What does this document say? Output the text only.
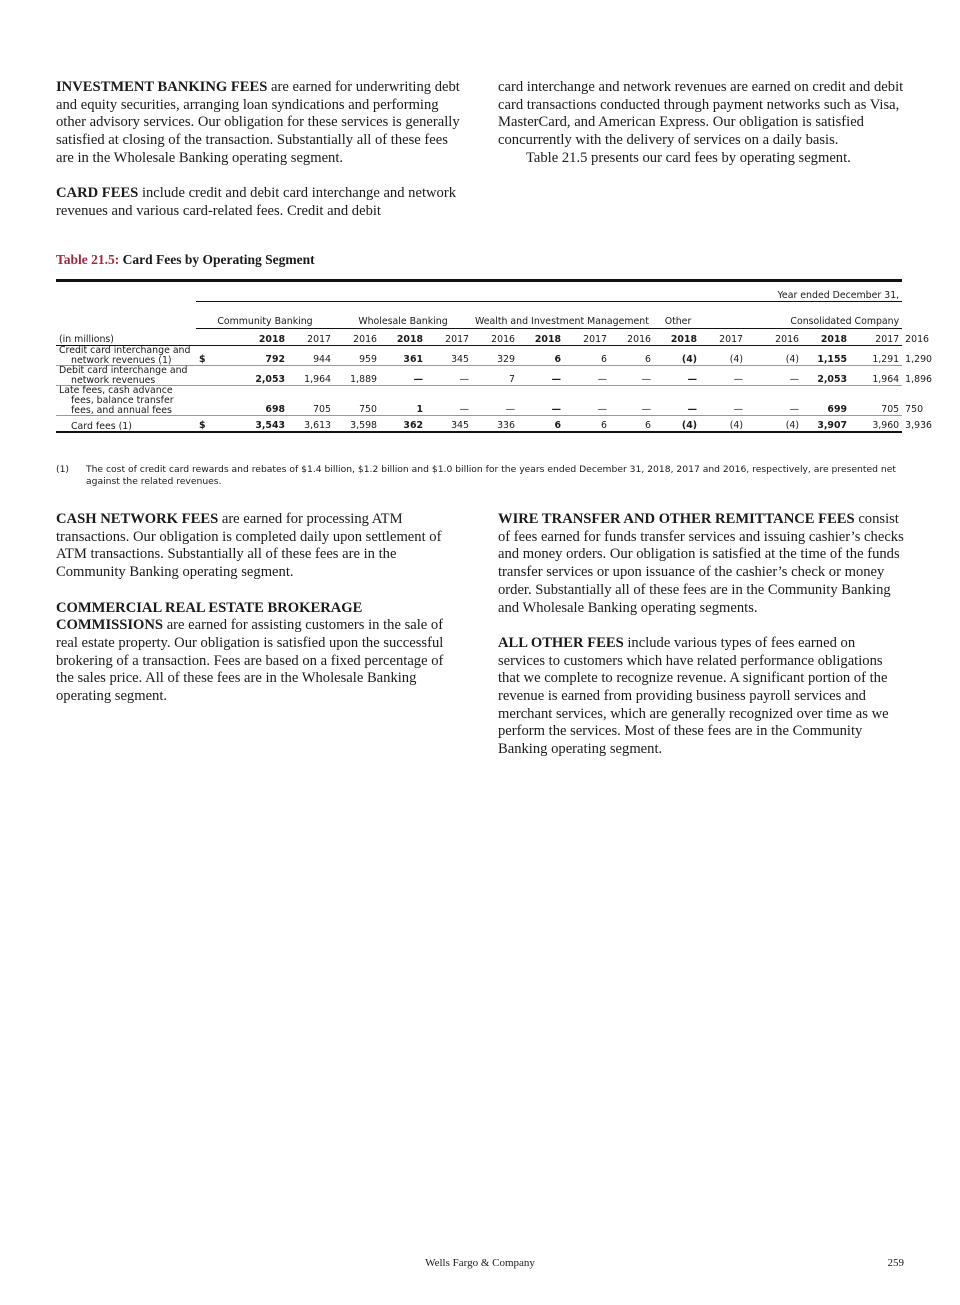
INVESTMENT BANKING FEES are earned for underwriting debt and equity securities, arranging loan syndications and performing other advisory services. Our obligation for these services is generally satisfied at closing of the transaction. Substantially all of these fees are in the Wholesale Banking operating segment.

CARD FEES include credit and debit card interchange and network revenues and various card-related fees. Credit and debit

card interchange and network revenues are earned on credit and debit card transactions conducted through payment networks such as Visa, MasterCard, and American Express. Our obligation is satisfied concurrently with the delivery of services on a daily basis.

Table 21.5 presents our card fees by operating segment.

Table 21.5: Card Fees by Operating Segment

	Year ended December 31,															
	Community Banking			Wholesale Banking			Wealth and Investment Management			Other			Consolidated Company			
(in millions)		2018	2017	2016	2018	2017	2016	2018	2017	2016	2018	2017	2016	2018	2017	2016
Credit card interchange and
network revenues (1)	$	792	944	959	361	345	329	6	6	6	(4)	(4)	(4)	1,155	1,291	1,290
Debit card interchange and
network revenues		2,053	1,964	1,889	—	—	7	—	—	—	—	—	—	2,053	1,964	1,896
Late fees, cash advance
fees, balance transfer
fees, and annual fees		698	705	750	1	—	—	—	—	—	—	—	—	699	705	750

Card fees (1)	$	3,543	3,613	3,598	362	345	336	6	6	6	(4)	(4)	(4)	3,907	3,960	3,936
(1)	The cost of credit card rewards and rebates of $1.4 billion, $1.2 billion and $1.0 billion for the years ended December 31, 2018, 2017 and 2016, respectively, are presented net against the related revenues.

CASH NETWORK FEES are earned for processing ATM transactions. Our obligation is completed daily upon settlement of ATM transactions. Substantially all of these fees are in the Community Banking operating segment.

COMMERCIAL REAL ESTATE BROKERAGE COMMISSIONS are earned for assisting customers in the sale of real estate property. Our obligation is satisfied upon the successful brokering of a transaction. Fees are based on a fixed percentage of the sales price. All of these fees are in the Wholesale Banking operating segment.

WIRE TRANSFER AND OTHER REMITTANCE FEES consist of fees earned for funds transfer services and issuing cashier’s checks and money orders. Our obligation is satisfied at the time of the funds transfer services or upon issuance of the cashier’s check or money order. Substantially all of these fees are in the Community Banking and Wholesale Banking operating segments.

ALL OTHER FEES include various types of fees earned on services to customers which have related performance obligations that we complete to recognize revenue. A significant portion of the revenue is earned from providing business payroll services and merchant services, which are generally recognized over time as we perform the services. Most of these fees are in the Community Banking operating segment.

Wells Fargo & Company	259
